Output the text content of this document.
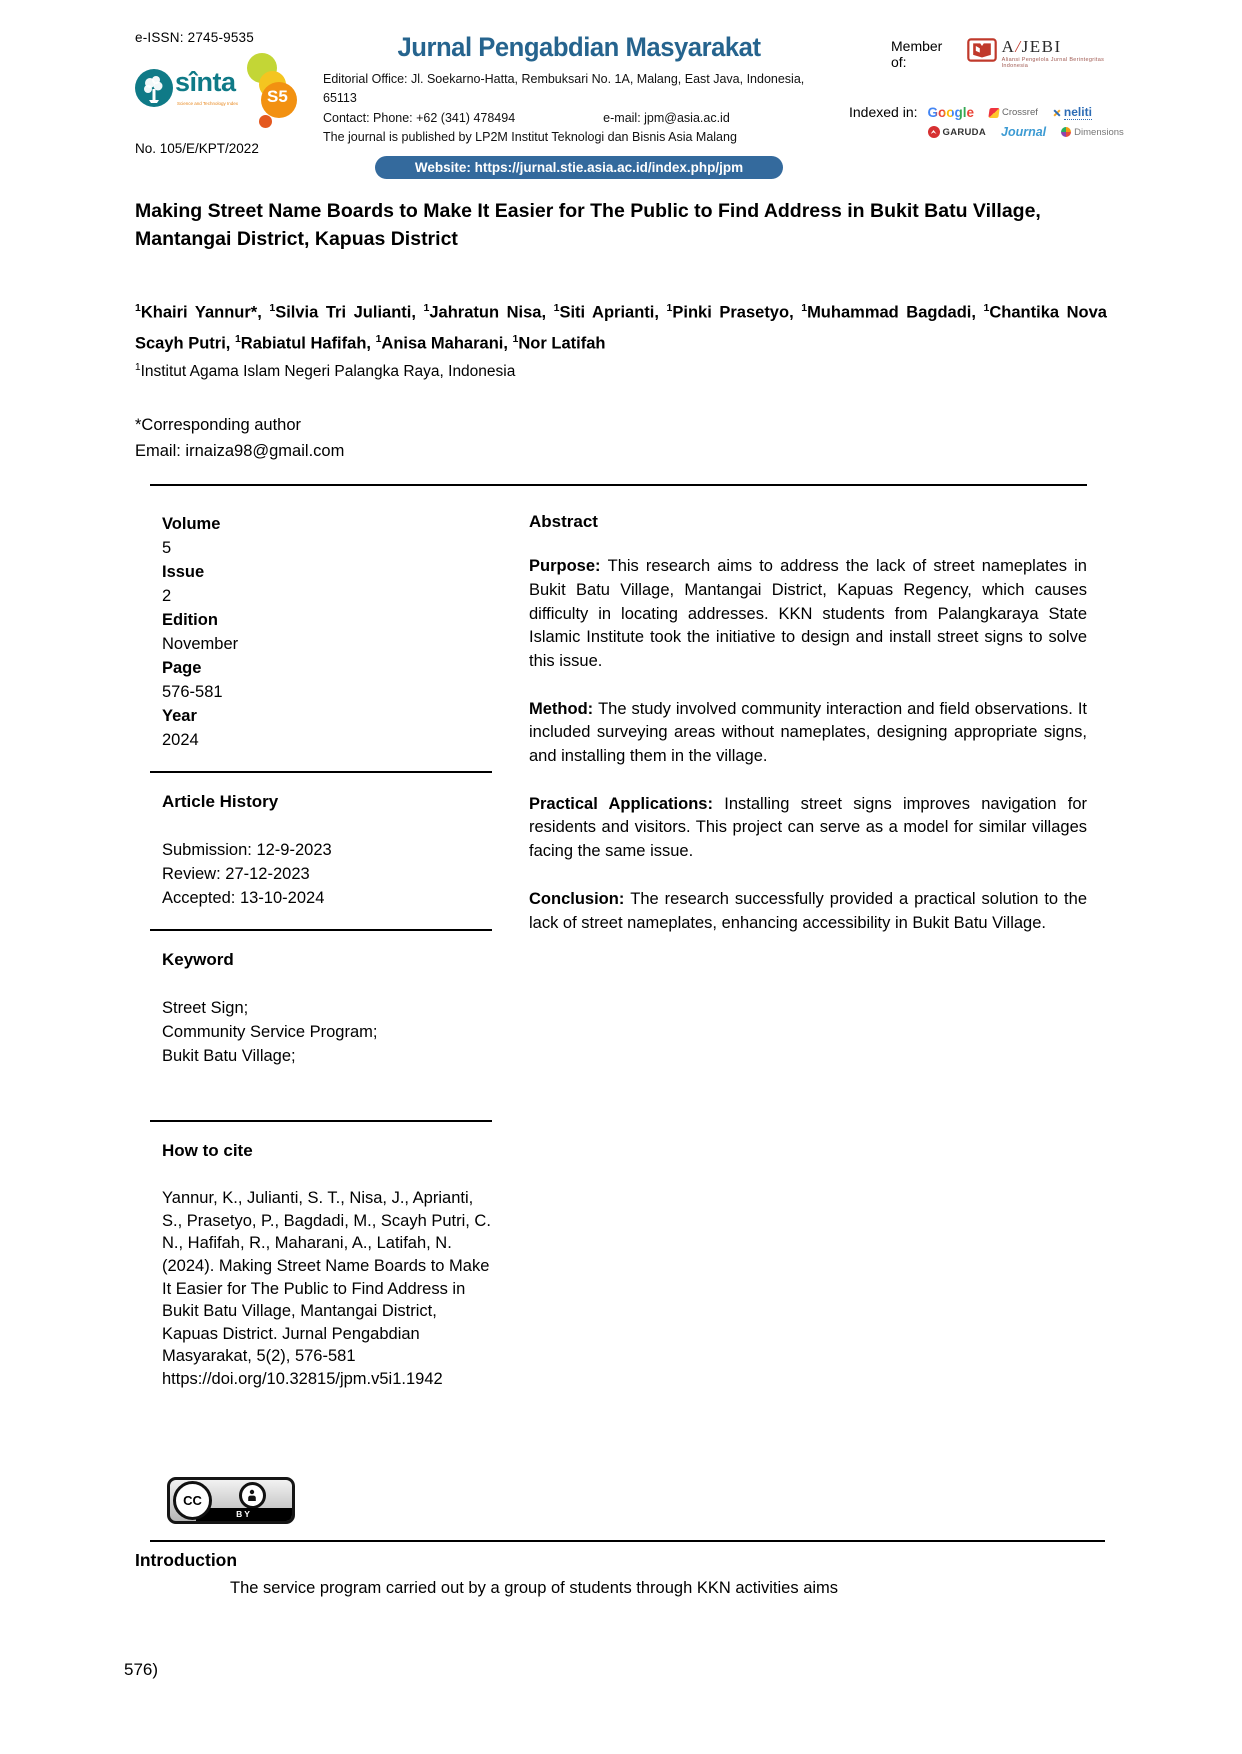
e-ISSN: 2745-9535
sînta
Science and Technology Index S5
No. 105/E/KPT/2022
Jurnal Pengabdian Masyarakat
Editorial Office: Jl. Soekarno-Hatta, Rembuksari No. 1A, Malang, East Java, Indonesia, 65113
Contact: Phone: +62 (341) 478494	e-mail: jpm@asia.ac.id
The journal is published by LP2M Institut Teknologi dan Bisnis Asia Malang
Website: https://jurnal.stie.asia.ac.id/index.php/jpm
Member of:
A/JEBI
Aliansi Pengelola Jurnal Berintegritas Indonesia
Indexed in: Google	Crossref neliti
GARUDA Journal	Dimensions
Making Street Name Boards to Make It Easier for The Public to Find Address in Bukit Batu Village, Mantangai District, Kapuas District

$^1$Khairi Yannur*, $^1$Silvia Tri Julianti, $^1$Jahratun Nisa, $^1$Siti Aprianti, $^1$Pinki Prasetyo, $^1$Muhammad Bagdadi, $^1$Chantika Nova Scayh Putri, $^1$Rabiatul Hafifah, $^1$Anisa Maharani, $^1$Nor Latifah

$^1$Institut Agama Islam Negeri Palangka Raya, Indonesia

*Corresponding author

Email: irnaiza98@gmail.com

Volume
5
Issue
2
Edition
November
Page
576-581
Year
2024
Article History
Submission: 12-9-2023
Review: 27-12-2023
Accepted: 13-10-2024
Keyword
Street Sign;
Community Service Program;
Bukit Batu Village;
How to cite

Yannur, K., Julianti, S. T., Nisa, J., Aprianti, S., Prasetyo, P., Bagdadi, M., Scayh Putri, C. N., Hafifah, R., Maharani, A., Latifah, N. (2024). Making Street Name Boards to Make It Easier for The Public to Find Address in Bukit Batu Village, Mantangai District, Kapuas District. Jurnal Pengabdian Masyarakat, 5(2), 576-581 https://doi.org/10.32815/jpm.v5i1.1942

Abstract

Purpose: This research aims to address the lack of street nameplates in Bukit Batu Village, Mantangai District, Kapuas Regency, which causes difficulty in locating addresses. KKN students from Palangkaraya State Islamic Institute took the initiative to design and install street signs to solve this issue.

Method: The study involved community interaction and field observations. It included surveying areas without nameplates, designing appropriate signs, and installing them in the village.

Practical Applications: Installing street signs improves navigation for residents and visitors. This project can serve as a model for similar villages facing the same issue.

Conclusion: The research successfully provided a practical solution to the lack of street nameplates, enhancing accessibility in Bukit Batu Village.

CC
BY
Introduction

The service program carried out by a group of students through KKN activities aims

576)
